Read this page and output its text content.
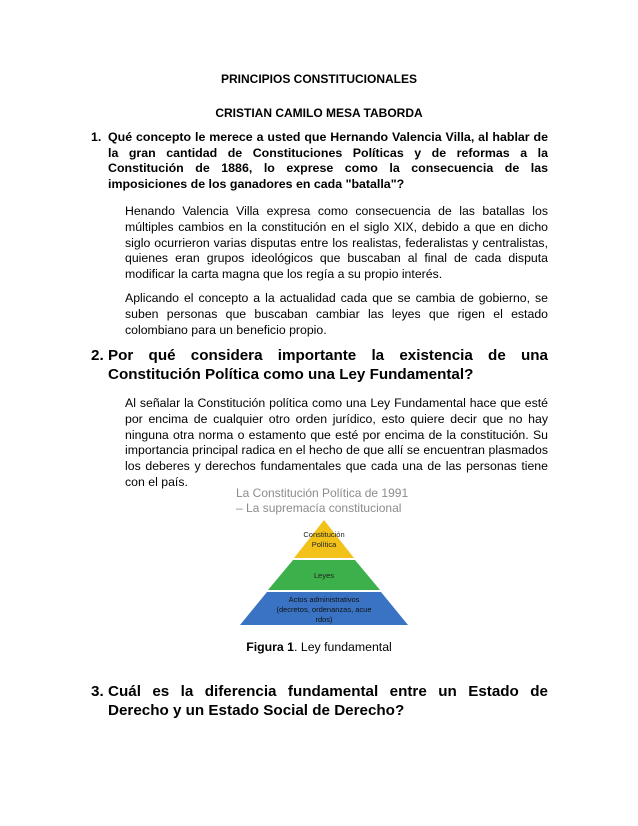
PRINCIPIOS CONSTITUCIONALES

CRISTIAN CAMILO MESA TABORDA

1. Qué concepto le merece a usted que Hernando Valencia Villa, al hablar de la gran cantidad de Constituciones Políticas y de reformas a la Constitución de 1886, lo exprese como la consecuencia de las imposiciones de los ganadores en cada "batalla"?

Henando Valencia Villa expresa como consecuencia de las batallas los múltiples cambios en la constitución en el siglo XIX, debido a que en dicho siglo ocurrieron varias disputas entre los realistas, federalistas y centralistas, quienes eran grupos ideológicos que buscaban al final de cada disputa modificar la carta magna que los regía a su propio interés.

Aplicando el concepto a la actualidad cada que se cambia de gobierno, se suben personas que buscaban cambiar las leyes que rigen el estado colombiano para un beneficio propio.

2. Por qué considera importante la existencia de una Constitución Política como una Ley Fundamental?

Al señalar la Constitución política como una Ley Fundamental hace que esté por encima de cualquier otro orden jurídico, esto quiere decir que no hay ninguna otra norma o estamento que esté por encima de la constitución. Su importancia principal radica en el hecho de que allí se encuentran plasmados los deberes y derechos fundamentales que cada una de las personas tiene con el país.

La Constitución Política de 1991
– La supremacía constitucional
Constitución
Política
Leyes
Actos administrativos
(decretos, ordenanzas, acue
rdos)

Figura 1. Ley fundamental

3. Cuál es la diferencia fundamental entre un Estado de Derecho y un Estado Social de Derecho?
